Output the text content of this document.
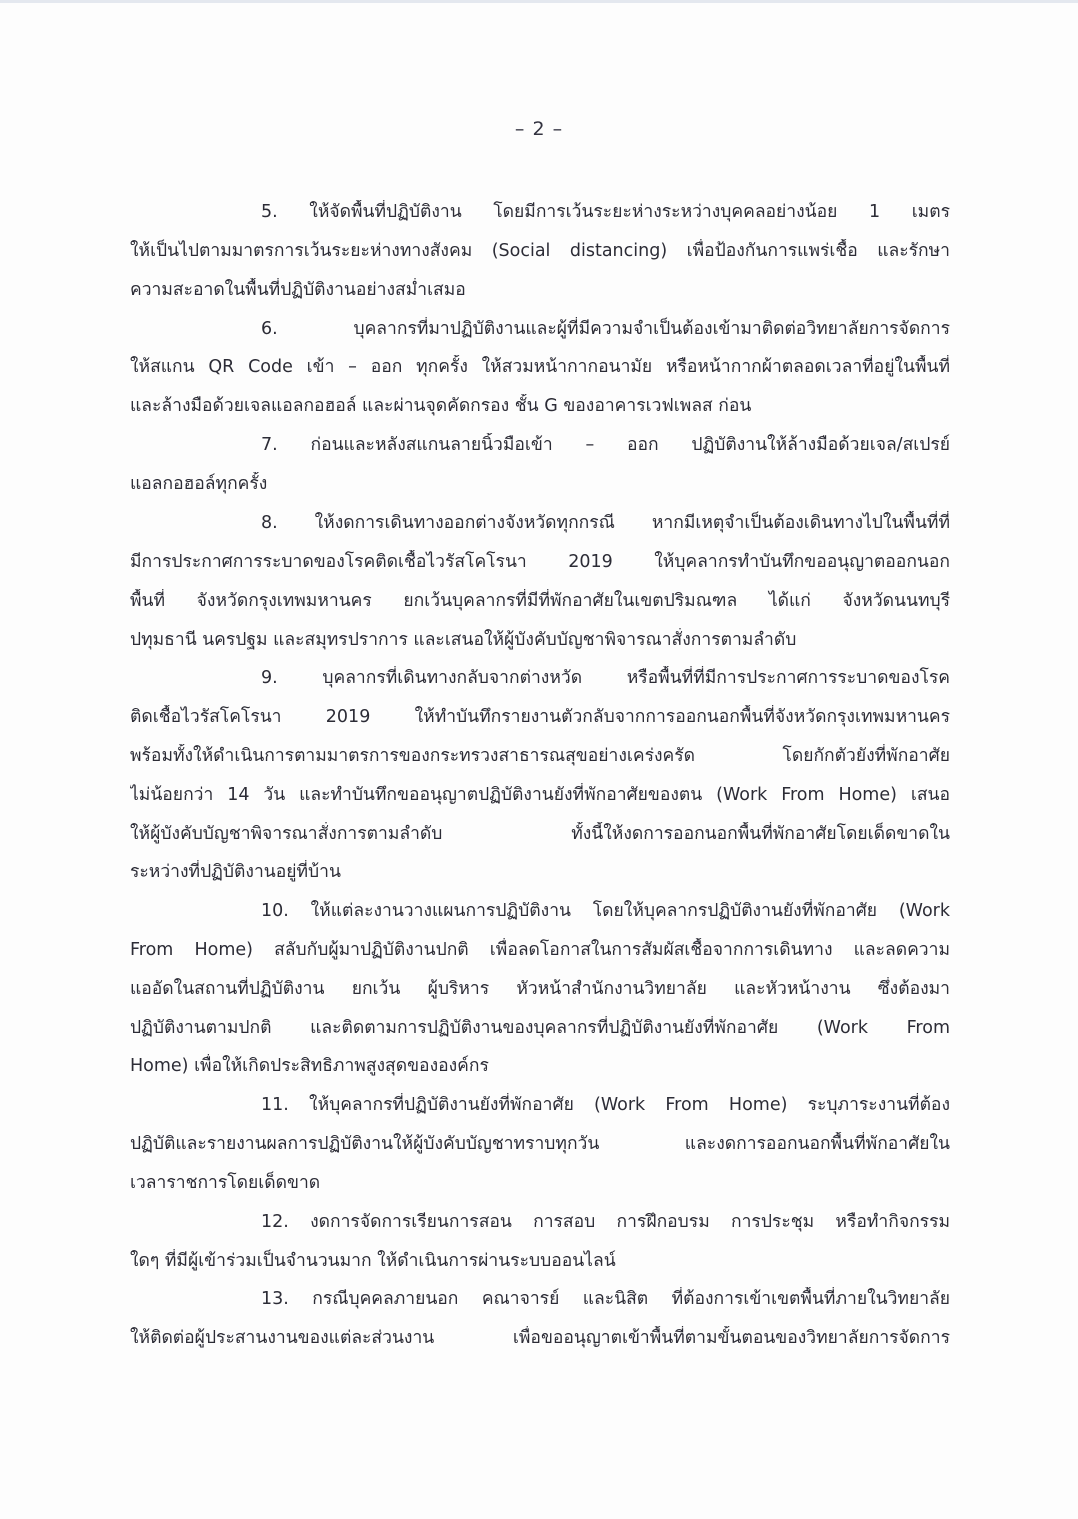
– 2 –
5. ให้จัดพื้นที่ปฏิบัติงาน โดยมีการเว้นระยะห่างระหว่างบุคคลอย่างน้อย 1 เมตร
ให้เป็นไปตามมาตรการเว้นระยะห่างทางสังคม (Social distancing) เพื่อป้องกันการแพร่เชื้อ และรักษา
ความสะอาดในพื้นที่ปฏิบัติงานอย่างสม่ำเสมอ
6. บุคลากรที่มาปฏิบัติงานและผู้ที่มีความจำเป็นต้องเข้ามาติดต่อวิทยาลัยการจัดการ
ให้สแกน QR Code เข้า – ออก ทุกครั้ง ให้สวมหน้ากากอนามัย หรือหน้ากากผ้าตลอดเวลาที่อยู่ในพื้นที่
และล้างมือด้วยเจลแอลกอฮอล์ และผ่านจุดคัดกรอง ชั้น G ของอาคารเวฟเพลส ก่อน
7. ก่อนและหลังสแกนลายนิ้วมือเข้า – ออก ปฏิบัติงานให้ล้างมือด้วยเจล/สเปรย์
แอลกอฮอล์ทุกครั้ง
8. ให้งดการเดินทางออกต่างจังหวัดทุกกรณี หากมีเหตุจำเป็นต้องเดินทางไปในพื้นที่ที่
มีการประกาศการระบาดของโรคติดเชื้อไวรัสโคโรนา 2019 ให้บุคลากรทำบันทึกขออนุญาตออกนอก
พื้นที่ จังหวัดกรุงเทพมหานคร ยกเว้นบุคลากรที่มีที่พักอาศัยในเขตปริมณฑล ได้แก่ จังหวัดนนทบุรี
ปทุมธานี นครปฐม และสมุทรปราการ และเสนอให้ผู้บังคับบัญชาพิจารณาสั่งการตามลำดับ
9. บุคลากรที่เดินทางกลับจากต่างหวัด หรือพื้นที่ที่มีการประกาศการระบาดของโรค
ติดเชื้อไวรัสโคโรนา 2019 ให้ทำบันทึกรายงานตัวกลับจากการออกนอกพื้นที่จังหวัดกรุงเทพมหานคร
พร้อมทั้งให้ดำเนินการตามมาตรการของกระทรวงสาธารณสุขอย่างเคร่งครัด โดยกักตัวยังที่พักอาศัย
ไม่น้อยกว่า 14 วัน และทำบันทึกขออนุญาตปฏิบัติงานยังที่พักอาศัยของตน (Work From Home) เสนอ
ให้ผู้บังคับบัญชาพิจารณาสั่งการตามลำดับ ทั้งนี้ให้งดการออกนอกพื้นที่พักอาศัยโดยเด็ดขาดใน
ระหว่างที่ปฏิบัติงานอยู่ที่บ้าน
10. ให้แต่ละงานวางแผนการปฏิบัติงาน โดยให้บุคลากรปฏิบัติงานยังที่พักอาศัย (Work
From Home) สลับกับผู้มาปฏิบัติงานปกติ เพื่อลดโอกาสในการสัมผัสเชื้อจากการเดินทาง และลดความ
แออัดในสถานที่ปฏิบัติงาน ยกเว้น ผู้บริหาร หัวหน้าสำนักงานวิทยาลัย และหัวหน้างาน ซึ่งต้องมา
ปฏิบัติงานตามปกติ และติดตามการปฏิบัติงานของบุคลากรที่ปฏิบัติงานยังที่พักอาศัย (Work From
Home) เพื่อให้เกิดประสิทธิภาพสูงสุดขององค์กร
11. ให้บุคลากรที่ปฏิบัติงานยังที่พักอาศัย (Work From Home) ระบุภาระงานที่ต้อง
ปฏิบัติและรายงานผลการปฏิบัติงานให้ผู้บังคับบัญชาทราบทุกวัน และงดการออกนอกพื้นที่พักอาศัยใน
เวลาราชการโดยเด็ดขาด
12. งดการจัดการเรียนการสอน การสอบ การฝึกอบรม การประชุม หรือทำกิจกรรม
ใดๆ ที่มีผู้เข้าร่วมเป็นจำนวนมาก ให้ดำเนินการผ่านระบบออนไลน์
13. กรณีบุคคลภายนอก คณาจารย์ และนิสิต ที่ต้องการเข้าเขตพื้นที่ภายในวิทยาลัย
ให้ติดต่อผู้ประสานงานของแต่ละส่วนงาน เพื่อขออนุญาตเข้าพื้นที่ตามขั้นตอนของวิทยาลัยการจัดการ
